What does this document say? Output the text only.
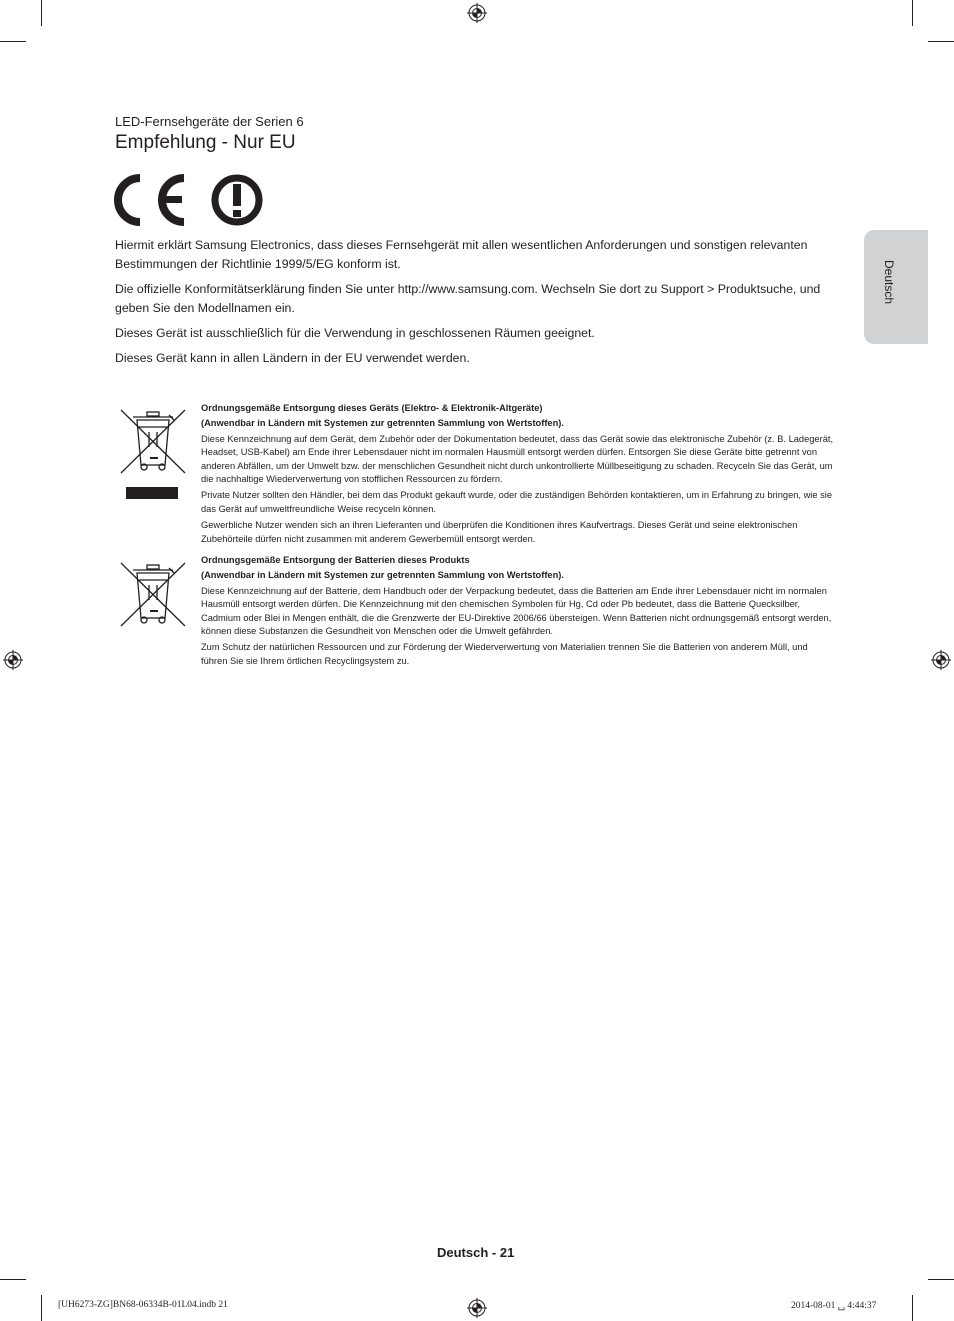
LED-Fernsehgeräte der Serien 6
Empfehlung - Nur EU

Hiermit erklärt Samsung Electronics, dass dieses Fernsehgerät mit allen wesentlichen Anforderungen und sonstigen relevanten Bestimmungen der Richtlinie 1999/5/EG konform ist.

Die offizielle Konformitätserklärung finden Sie unter http://www.samsung.com. Wechseln Sie dort zu Support > Produktsuche, und geben Sie den Modellnamen ein.

Dieses Gerät ist ausschließlich für die Verwendung in geschlossenen Räumen geeignet.

Dieses Gerät kann in allen Ländern in der EU verwendet werden.

Deutsch
Ordnungsgemäße Entsorgung dieses Geräts (Elektro- & Elektronik-Altgeräte)
(Anwendbar in Ländern mit Systemen zur getrennten Sammlung von Wertstoffen).

Diese Kennzeichnung auf dem Gerät, dem Zubehör oder der Dokumentation bedeutet, dass das Gerät sowie das elektronische Zubehör (z. B. Ladegerät, Headset, USB-Kabel) am Ende ihrer Lebensdauer nicht im normalen Hausmüll entsorgt werden dürfen. Entsorgen Sie diese Geräte bitte getrennt von anderen Abfällen, um der Umwelt bzw. der menschlichen Gesundheit nicht durch unkontrollierte Müllbeseitigung zu schaden. Recyceln Sie das Gerät, um die nachhaltige Wiederverwertung von stofflichen Ressourcen zu fördern.

Private Nutzer sollten den Händler, bei dem das Produkt gekauft wurde, oder die zuständigen Behörden kontaktieren, um in Erfahrung zu bringen, wie sie das Gerät auf umweltfreundliche Weise recyceln können.

Gewerbliche Nutzer wenden sich an ihren Lieferanten und überprüfen die Konditionen ihres Kaufvertrags. Dieses Gerät und seine elektronischen Zubehörteile dürfen nicht zusammen mit anderem Gewerbemüll entsorgt werden.

Ordnungsgemäße Entsorgung der Batterien dieses Produkts
(Anwendbar in Ländern mit Systemen zur getrennten Sammlung von Wertstoffen).

Diese Kennzeichnung auf der Batterie, dem Handbuch oder der Verpackung bedeutet, dass die Batterien am Ende ihrer Lebensdauer nicht im normalen Hausmüll entsorgt werden dürfen. Die Kennzeichnung mit den chemischen Symbolen für Hg, Cd oder Pb bedeutet, dass die Batterie Quecksilber, Cadmium oder Blei in Mengen enthält, die die Grenzwerte der EU-Direktive 2006/66 übersteigen. Wenn Batterien nicht ordnungsgemäß entsorgt werden, können diese Substanzen die Gesundheit von Menschen oder die Umwelt gefährden.

Zum Schutz der natürlichen Ressourcen und zur Förderung der Wiederverwertung von Materialien trennen Sie die Batterien von anderem Müll, und führen Sie sie Ihrem örtlichen Recyclingsystem zu.

Deutsch - 21
[UH6273-ZG]BN68-06334B-01L04.indb 21	2014-08-01 ␣ 4:44:37
